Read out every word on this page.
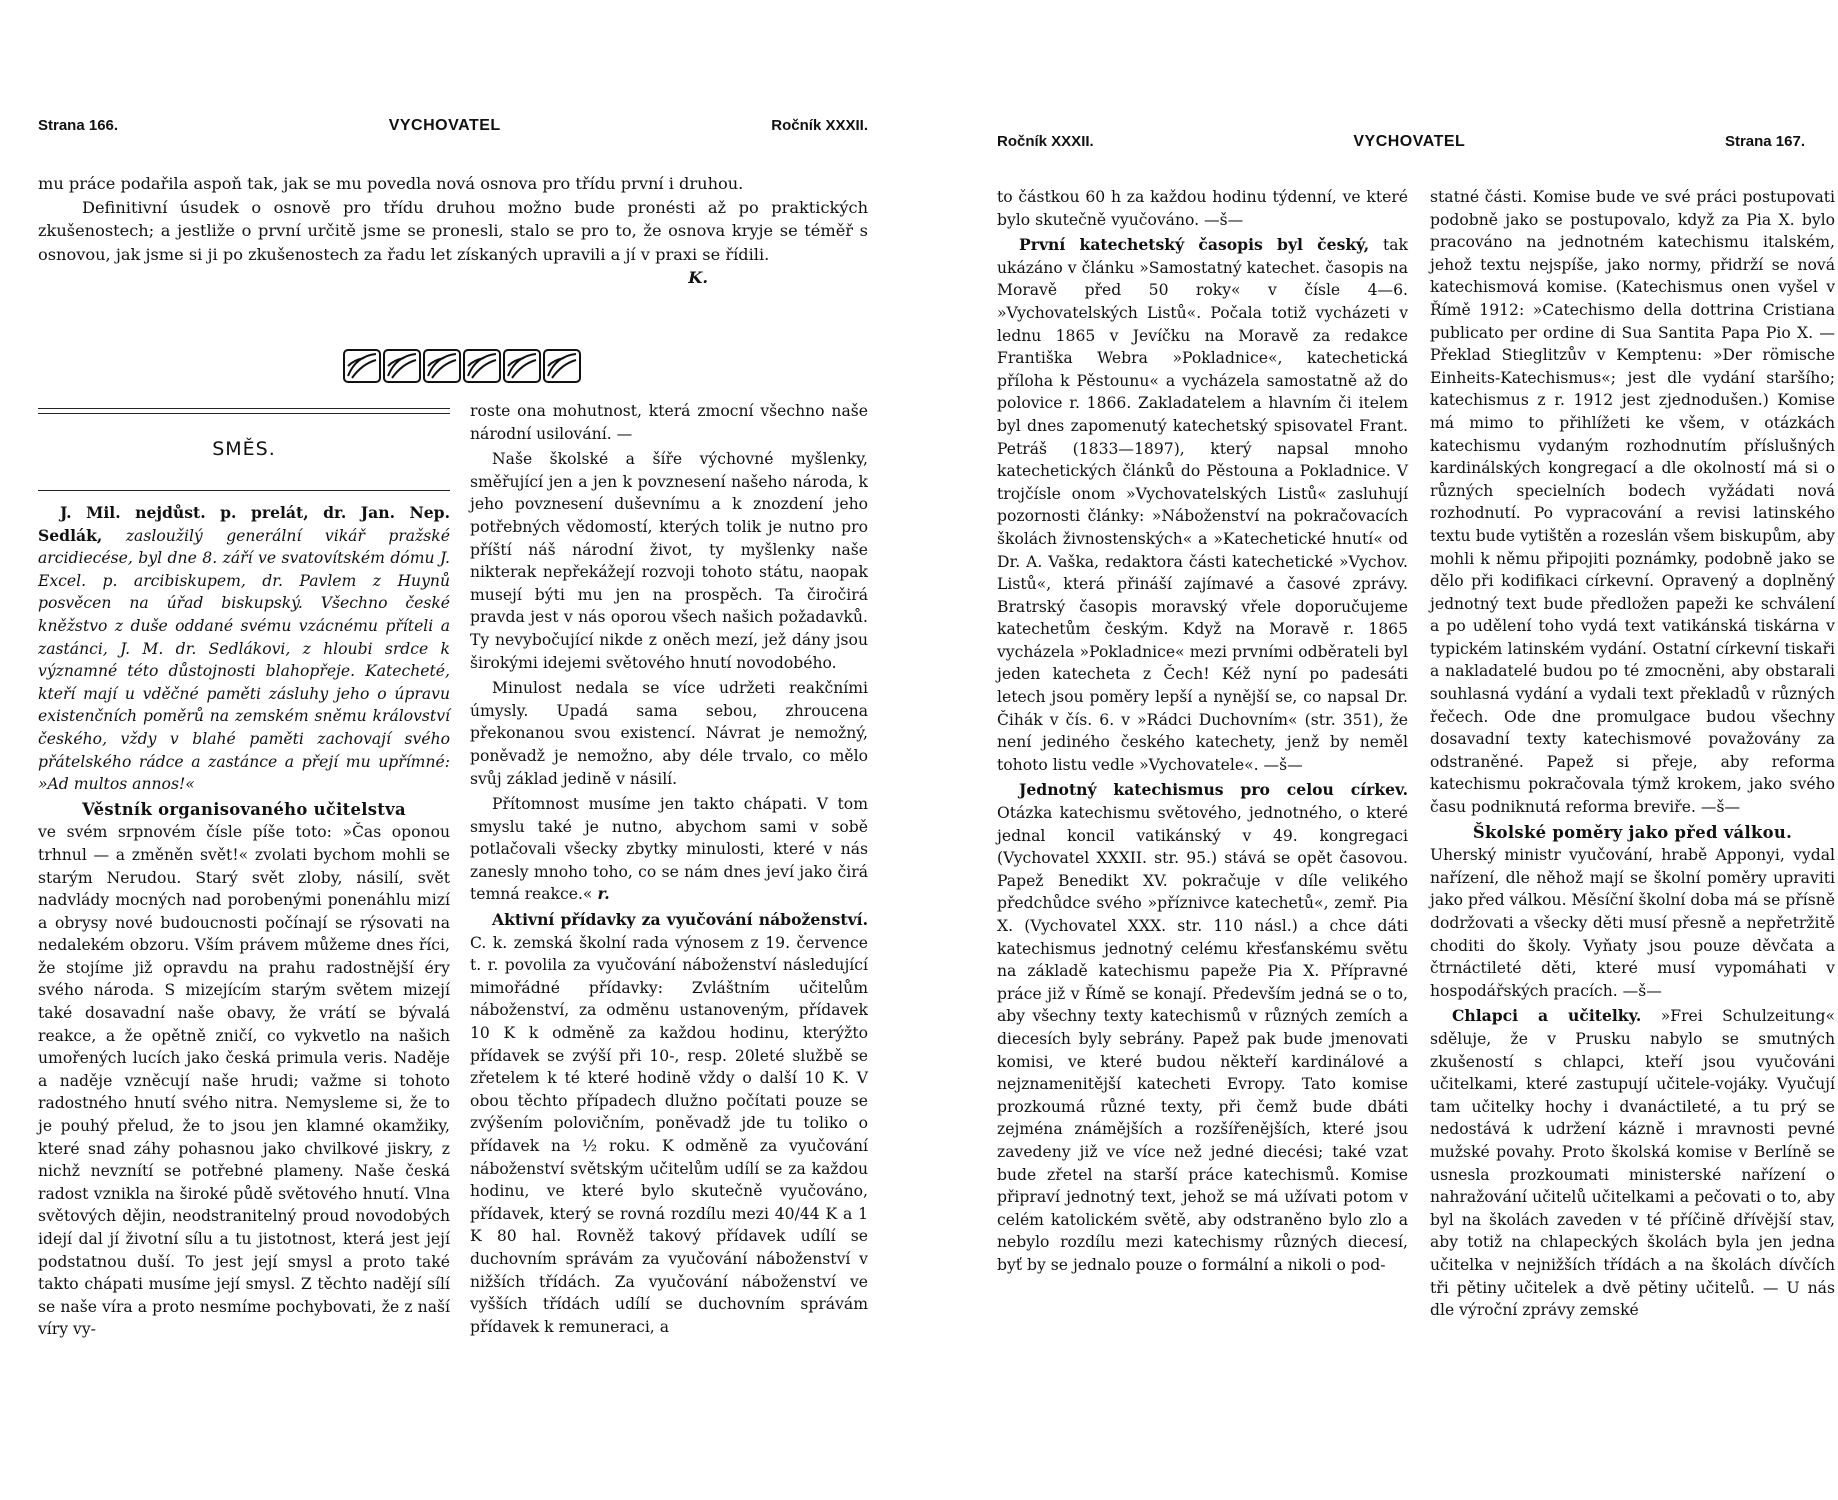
Strana 166.	VYCHOVATEL	Ročník XXXII.

mu práce podařila aspoň tak, jak se mu povedla nová osnova pro třídu první i druhou.

Definitivní úsudek o osnově pro třídu druhou možno bude pronésti až po praktických zkušenostech; a jestliže o první určitě jsme se pronesli, stalo se pro to, že osnova kryje se téměř s osnovou, jak jsme si ji po zkušenostech za řadu let získaných upravili a jí v praxi se řídili.
K.

SMĚS.

J. Mil. nejdůst. p. prelát, dr. Jan. Nep. Sedlák, zasloužilý generální vikář pražské arcidiecése, byl dne 8. září ve svatovítském dómu J. Excel. p. arcibiskupem, dr. Pavlem z Huynů posvěcen na úřad biskupský. Všechno české kněžstvo z duše oddané svému vzácnému příteli a zastánci, J. M. dr. Sedlákovi, z hloubi srdce k významné této důstojnosti blahopřeje. Katecheté, kteří mají u vděčné paměti zásluhy jeho o úpravu existenčních poměrů na zemském sněmu království českého, vždy v blahé paměti zachovají svého přátelského rádce a zastánce a přejí mu upřímné: »Ad multos annos!«

Věstník organisovaného učitelstva

ve svém srpnovém čísle píše toto: »Čas oponou trhnul — a změněn svět!« zvolati bychom mohli se starým Nerudou. Starý svět zloby, násilí, svět nadvlády mocných nad porobenými ponenáhlu mizí a obrysy nové budoucnosti počínají se rýsovati na nedalekém obzoru. Vším právem můžeme dnes říci, že stojíme již opravdu na prahu radostnější éry svého národa. S mizejícím starým světem mizejí také dosavadní naše obavy, že vrátí se bývalá reakce, a že opětně zničí, co vykvetlo na našich umořených lucích jako česká primula veris. Naděje a naděje vzněcují naše hrudi; važme si tohoto radostného hnutí svého nitra. Nemysleme si, že to je pouhý přelud, že to jsou jen klamné okamžiky, které snad záhy pohasnou jako chvilkové jiskry, z nichž nevznítí se potřebné plameny. Naše česká radost vznikla na široké půdě světového hnutí. Vlna světových dějin, neodstranitelný proud novodobých idejí dal jí životní sílu a tu jistotnost, která jest její podstatnou duší. To jest její smysl a proto také takto chápati musíme její smysl. Z těchto nadějí sílí se naše víra a proto nesmíme pochybovati, že z naší víry vy-

roste ona mohutnost, která zmocní všechno naše národní usilování. —

Naše školské a šíře výchovné myšlenky, směřující jen a jen k povznesení našeho národa, k jeho povznesení duševnímu a k znozdení jeho potřebných vědomostí, kterých tolik je nutno pro příští náš národní život, ty myšlenky naše nikterak nepřekážejí rozvoji tohoto státu, naopak musejí býti mu jen na prospěch. Ta čiročirá pravda jest v nás oporou všech našich požadavků. Ty nevybočující nikde z oněch mezí, jež dány jsou širokými idejemi světového hnutí novodobého.

Minulost nedala se více udržeti reakčními úmysly. Upadá sama sebou, zhroucena překonanou svou existencí. Návrat je nemožný, poněvadž je nemožno, aby déle trvalo, co mělo svůj základ jedině v násilí.

Přítomnost musíme jen takto chápati. V tom smyslu také je nutno, abychom sami v sobě potlačovali všecky zbytky minulosti, které v nás zanesly mnoho toho, co se nám dnes jeví jako čirá temná reakce.« r.

Aktivní přídavky za vyučování náboženství. C. k. zemská školní rada výnosem z 19. července t. r. povolila za vyučování náboženství následující mimořádné přídavky: Zvláštním učitelům náboženství, za odměnu ustanoveným, přídavek 10 K k odměně za každou hodinu, kterýžto přídavek se zvýší při 10-, resp. 20leté službě se zřetelem k té které hodině vždy o další 10 K. V obou těchto případech dlužno počítati pouze se zvýšením polovičním, poněvadž jde tu toliko o přídavek na ½ roku. K odměně za vyučování náboženství světským učitelům udílí se za každou hodinu, ve které bylo skutečně vyučováno, přídavek, který se rovná rozdílu mezi 40/44 K a 1 K 80 hal. Rovněž takový přídavek udílí se duchovním správám za vyučování náboženství v nižších třídách. Za vyučování náboženství ve vyšších třídách udílí se duchovním správám přídavek k remuneraci, a

Ročník XXXII.	VYCHOVATEL	Strana 167.

to částkou 60 h za každou hodinu týdenní, ve které bylo skutečně vyučováno. —š—

První katechetský časopis byl český, tak ukázáno v článku »Samostatný katechet. časopis na Moravě před 50 roky« v čísle 4—6. »Vychovatelských Listů«. Počala totiž vycházeti v lednu 1865 v Jevíčku na Moravě za redakce Františka Webra »Pokladnice«, katechetická příloha k Pěstounu« a vycházela samostatně až do polovice r. 1866. Zakladatelem a hlavním či itelem byl dnes zapomenutý katechetský spisovatel Frant. Petráš (1833—1897), který napsal mnoho katechetických článků do Pěstouna a Pokladnice. V trojčísle onom »Vychovatelských Listů« zasluhují pozornosti články: »Náboženství na pokračovacích školách živnostenských« a »Katechetické hnutí« od Dr. A. Vaška, redaktora části katechetické »Vychov. Listů«, která přináší zajímavé a časové zprávy. Bratrský časopis moravský vřele doporučujeme katechetům českým. Když na Moravě r. 1865 vycházela »Pokladnice« mezi prvními odběrateli byl jeden katecheta z Čech! Kéž nyní po padesáti letech jsou poměry lepší a nynější se, co napsal Dr. Čihák v čís. 6. v »Rádci Duchovním« (str. 351), že není jediného českého katechety, jenž by neměl tohoto listu vedle »Vychovatele«. —š—

Jednotný katechismus pro celou církev. Otázka katechismu světového, jednotného, o které jednal koncil vatikánský v 49. kongregaci (Vychovatel XXXII. str. 95.) stává se opět časovou. Papež Benedikt XV. pokračuje v díle velikého předchůdce svého »příznivce katechetů«, zemř. Pia X. (Vychovatel XXX. str. 110 násl.) a chce dáti katechismus jednotný celému křesťanskému světu na základě katechismu papeže Pia X. Přípravné práce již v Římě se konají. Především jedná se o to, aby všechny texty katechismů v různých zemích a diecesích byly sebrány. Papež pak bude jmenovati komisi, ve které budou někteří kardinálové a nejznamenitější katecheti Evropy. Tato komise prozkoumá různé texty, při čemž bude dbáti zejména známějších a rozšířenějších, které jsou zavedeny již ve více než jedné diecési; také vzat bude zřetel na starší práce katechismů. Komise připraví jednotný text, jehož se má užívati potom v celém katolickém světě, aby odstraněno bylo zlo a nebylo rozdílu mezi katechismy různých diecesí, byť by se jednalo pouze o formální a nikoli o pod-

statné části. Komise bude ve své práci postupovati podobně jako se postupovalo, když za Pia X. bylo pracováno na jednotném katechismu italském, jehož textu nejspíše, jako normy, přidrží se nová katechismová komise. (Katechismus onen vyšel v Římě 1912: »Catechismo della dottrina Cristiana publicato per ordine di Sua Santita Papa Pio X. — Překlad Stieglitzův v Kemptenu: »Der römische Einheits-Katechismus«; jest dle vydání staršího; katechismus z r. 1912 jest zjednodušen.) Komise má mimo to přihlížeti ke všem, v otázkách katechismu vydaným rozhodnutím příslušných kardinálských kongregací a dle okolností má si o různých specielních bodech vyžádati nová rozhodnutí. Po vypracování a revisi latinského textu bude vytištěn a rozeslán všem biskupům, aby mohli k němu připojiti poznámky, podobně jako se dělo při kodifikaci církevní. Opravený a doplněný jednotný text bude předložen papeži ke schválení a po udělení toho vydá text vatikánská tiskárna v typickém latinském vydání. Ostatní církevní tiskaři a nakladatelé budou po té zmocněni, aby obstarali souhlasná vydání a vydali text překladů v různých řečech. Ode dne promulgace budou všechny dosavadní texty katechismové považovány za odstraněné. Papež si přeje, aby reforma katechismu pokračovala týmž krokem, jako svého času podniknutá reforma breviře. —š—

Školské poměry jako před válkou.

Uherský ministr vyučování, hrabě Apponyi, vydal nařízení, dle něhož mají se školní poměry upraviti jako před válkou. Měsíční školní doba má se přísně dodržovati a všecky děti musí přesně a nepřetržitě choditi do školy. Vyňaty jsou pouze děvčata a čtrnáctileté děti, které musí vypomáhati v hospodářských pracích. —š—

Chlapci a učitelky. »Frei Schulzeitung« sděluje, že v Prusku nabylo se smutných zkušeností s chlapci, kteří jsou vyučováni učitelkami, které zastupují učitele-vojáky. Vyučují tam učitelky hochy i dvanáctileté, a tu prý se nedostává k udržení kázně i mravnosti pevné mužské povahy. Proto školská komise v Berlíně se usnesla prozkoumati ministerské nařízení o nahražování učitelů učitelkami a pečovati o to, aby byl na školách zaveden v té příčině dřívější stav, aby totiž na chlapeckých školách byla jen jedna učitelka v nejnižších třídách a na školách dívčích tři pětiny učitelek a dvě pětiny učitelů. — U nás dle výroční zprávy zemské
